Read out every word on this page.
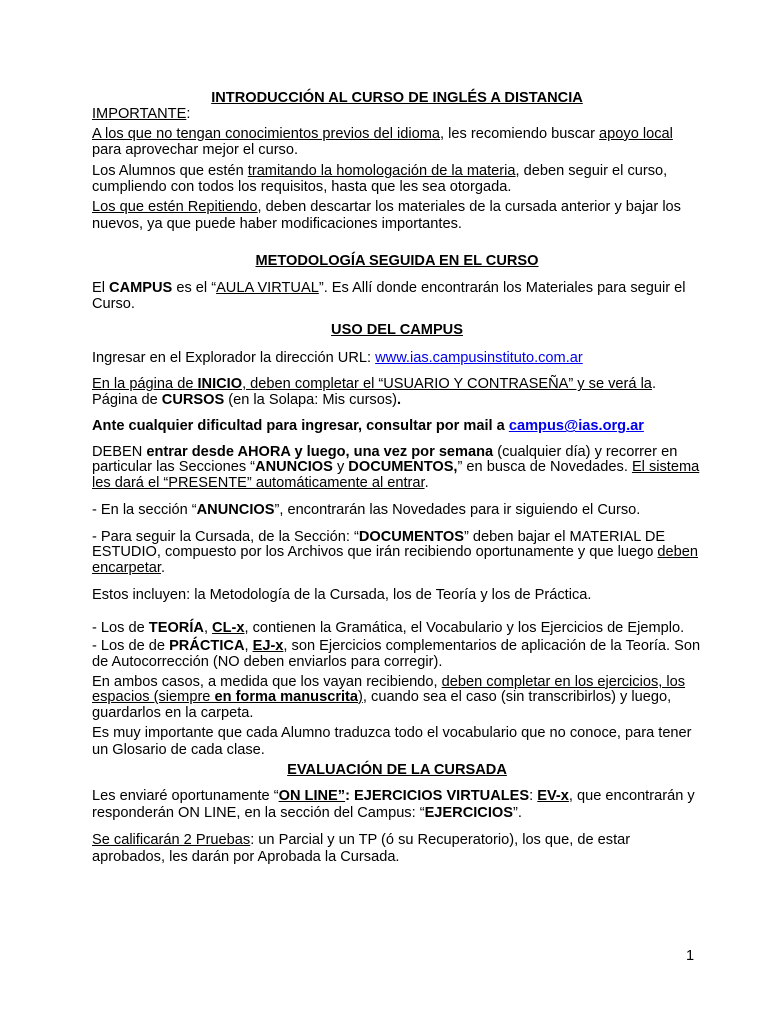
INTRODUCCIÓN AL CURSO DE INGLÉS A DISTANCIA

IMPORTANTE:

A los que no tengan conocimientos previos del idioma, les recomiendo buscar apoyo local para aprovechar mejor el curso.

Los Alumnos que estén tramitando la homologación de la materia, deben seguir el curso, cumpliendo con todos los requisitos, hasta que les sea otorgada.

Los que estén Repitiendo, deben descartar los materiales de la cursada anterior y bajar los nuevos, ya que puede haber modificaciones importantes.

METODOLOGÍA SEGUIDA EN EL CURSO

El CAMPUS es el “AULA VIRTUAL”. Es Allí donde encontrarán los Materiales para seguir el Curso.

USO DEL CAMPUS

Ingresar en el Explorador la dirección URL: www.ias.campusinstituto.com.ar

En la página de INICIO, deben completar el “USUARIO Y CONTRASEÑA” y se verá la. Página de CURSOS (en la Solapa: Mis cursos).

Ante cualquier dificultad para ingresar, consultar por mail a campus@ias.org.ar

DEBEN entrar desde AHORA y luego, una vez por semana (cualquier día) y recorrer en particular las Secciones “ANUNCIOS y DOCUMENTOS,” en busca de Novedades. El sistema les dará el “PRESENTE” automáticamente al entrar.

- En la sección “ANUNCIOS”, encontrarán las Novedades para ir siguiendo el Curso.

- Para seguir la Cursada, de la Sección: “DOCUMENTOS” deben bajar el MATERIAL DE ESTUDIO, compuesto por los Archivos que irán recibiendo oportunamente y que luego deben encarpetar.

Estos incluyen: la Metodología de la Cursada, los de Teoría y los de Práctica.

- Los de TEORÍA, CL-x, contienen la Gramática, el Vocabulario y los Ejercicios de Ejemplo.

- Los de de PRÁCTICA, EJ-x, son Ejercicios complementarios de aplicación de la Teoría. Son de Autocorrección (NO deben enviarlos para corregir).

En ambos casos, a medida que los vayan recibiendo, deben completar en los ejercicios, los espacios (siempre en forma manuscrita), cuando sea el caso (sin transcribirlos) y luego, guardarlos en la carpeta.

Es muy importante que cada Alumno traduzca todo el vocabulario que no conoce, para tener un Glosario de cada clase.

EVALUACIÓN DE LA CURSADA

Les enviaré oportunamente “ON LINE”: EJERCICIOS VIRTUALES: EV-x, que encontrarán y responderán ON LINE, en la sección del Campus: “EJERCICIOS”.

Se calificarán 2 Pruebas: un Parcial y un TP (ó su Recuperatorio), los que, de estar aprobados, les darán por Aprobada la Cursada.

1
